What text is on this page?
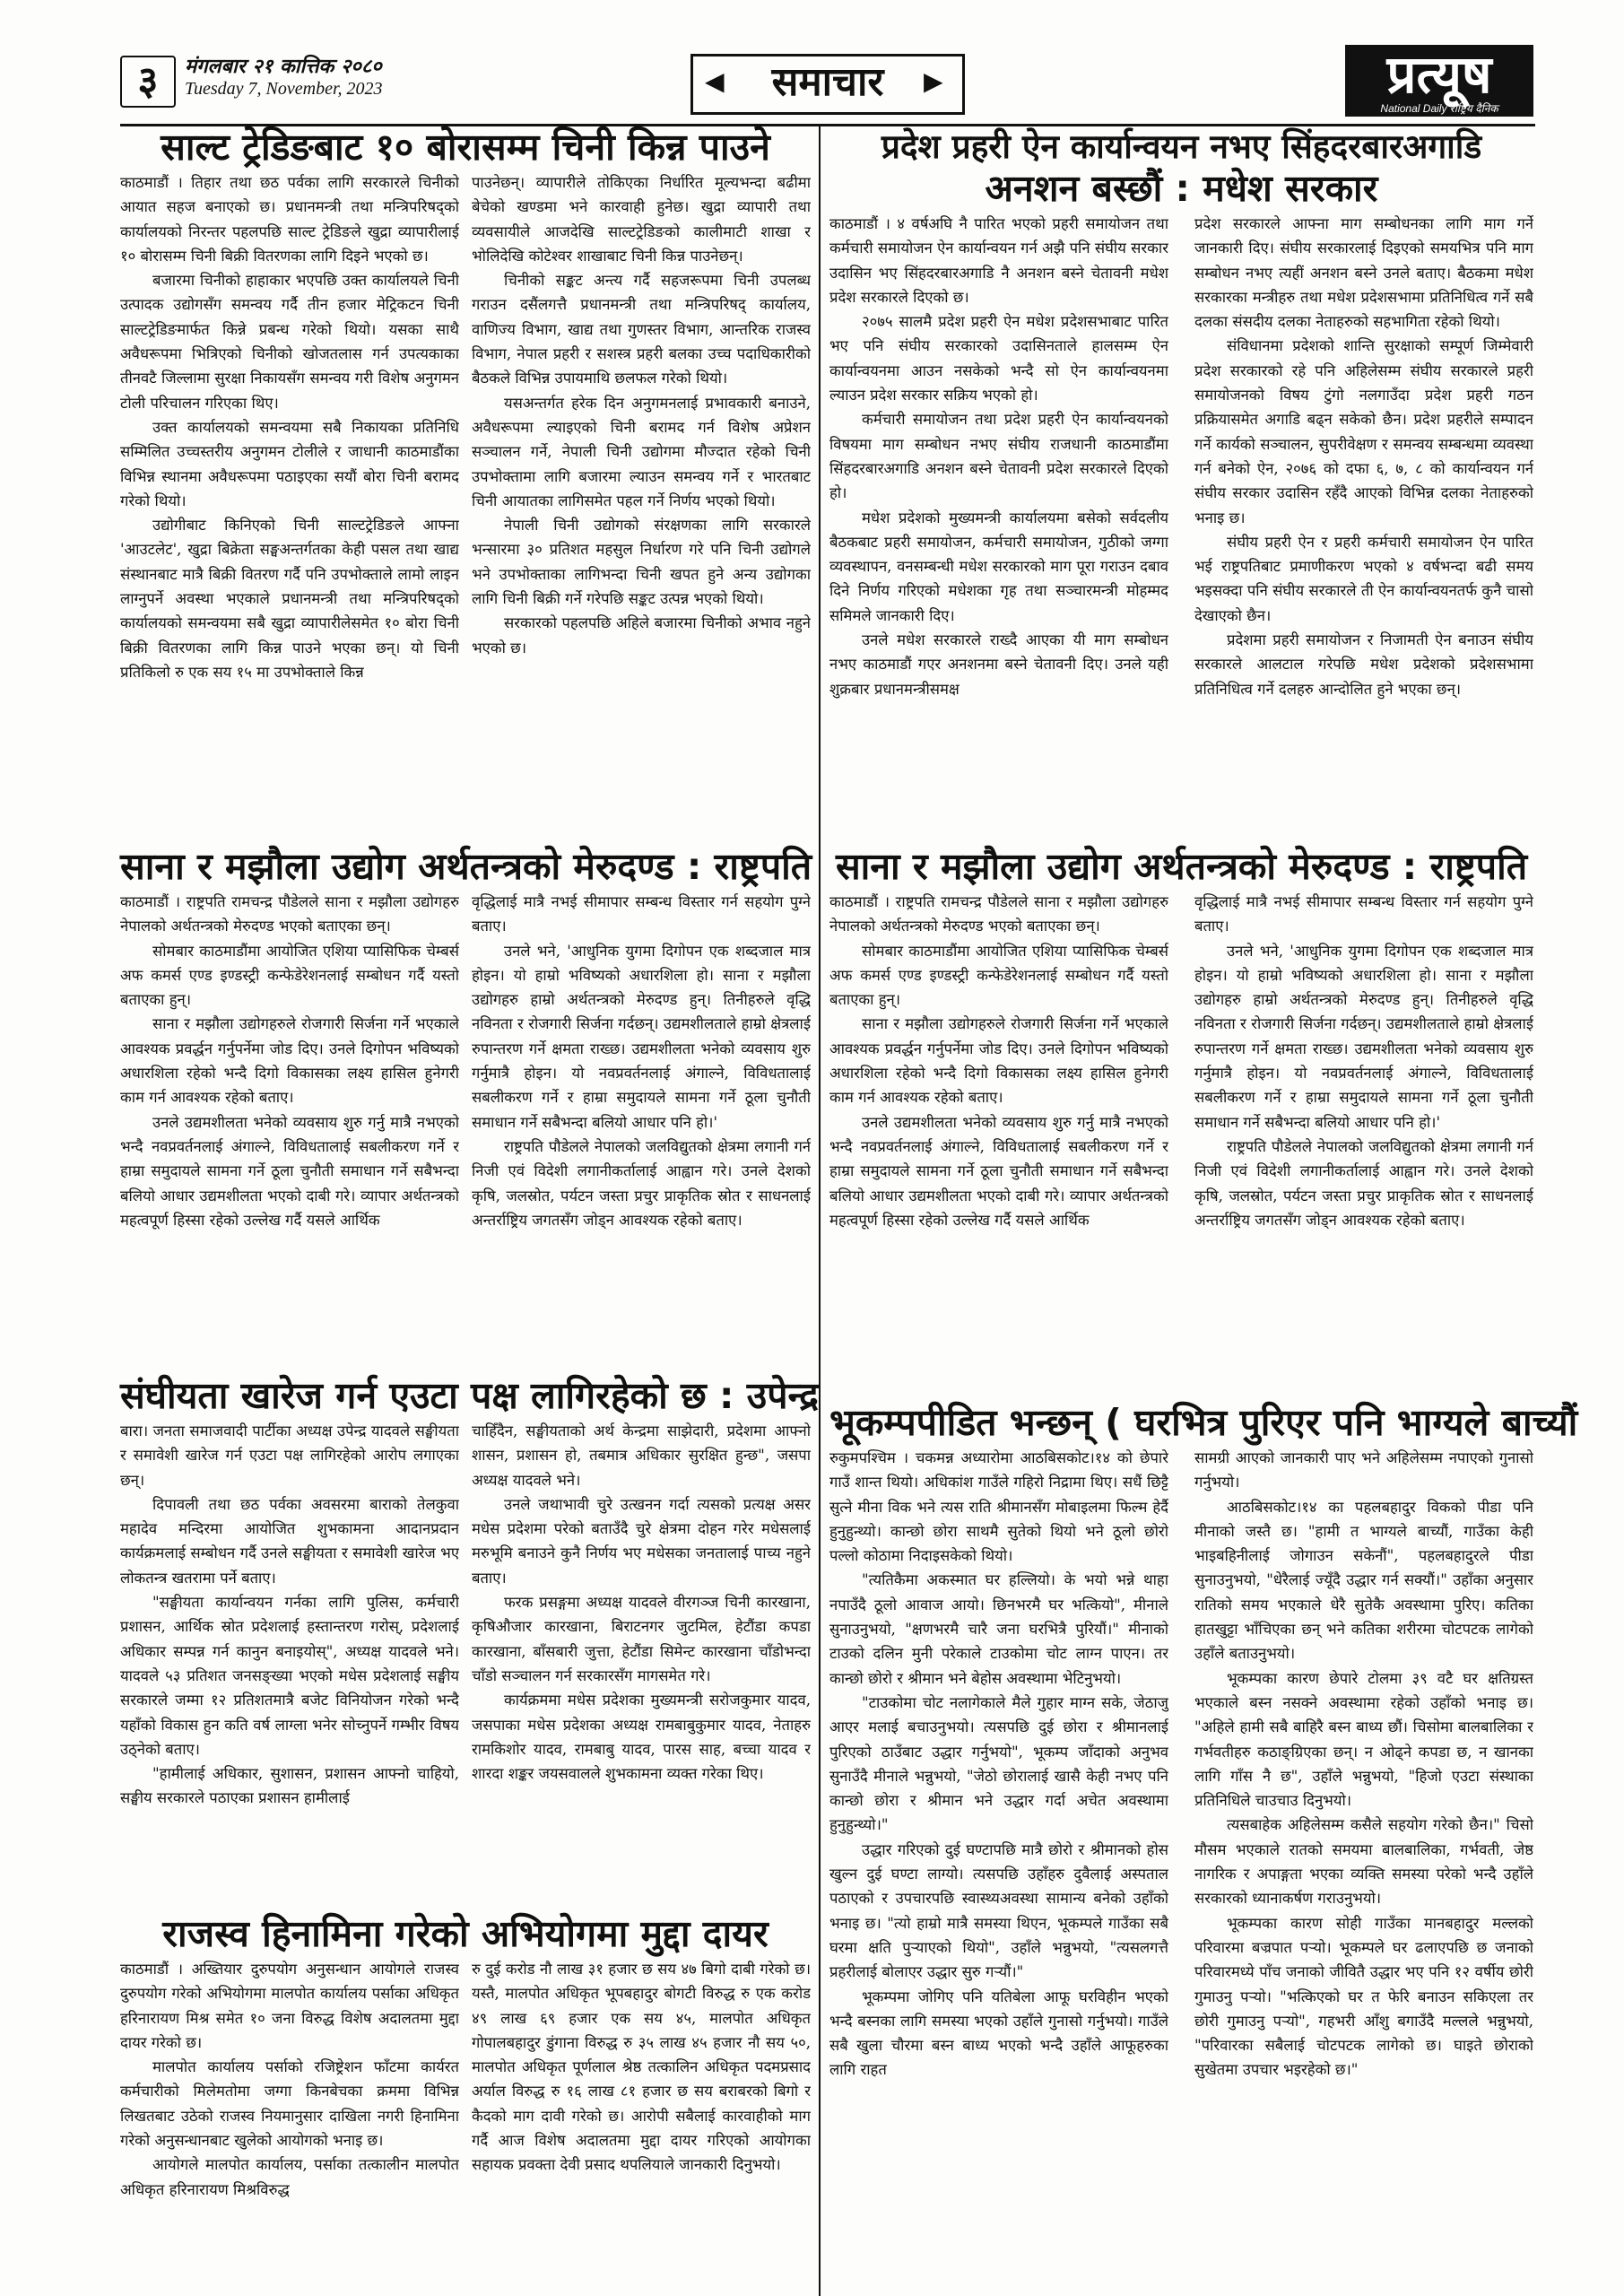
३	मंगलबार २१ कात्तिक २०८०
Tuesday 7, November, 2023	◀	समाचार	▶	प्रत्यूष
National Daily राष्ट्रिय दैनिक
साल्ट ट्रेडिङबाट १० बोरासम्म चिनी किन्न पाउने

काठमाडौं । तिहार तथा छठ पर्वका लागि सरकारले चिनीको आयात सहज बनाएको छ। प्रधानमन्त्री तथा मन्त्रिपरिषद्को कार्यालयको निरन्तर पहलपछि साल्ट ट्रेडिङले खुद्रा व्यापारीलाई १० बोरासम्म चिनी बिक्री वितरणका लागि दिइने भएको छ।

बजारमा चिनीको हाहाकार भएपछि उक्त कार्यालयले चिनी उत्पादक उद्योगसँग समन्वय गर्दै तीन हजार मेट्रिकटन चिनी साल्टट्रेडिङमार्फत किन्ने प्रबन्ध गरेको थियो। यसका साथै अवैधरूपमा भित्रिएको चिनीको खोजतलास गर्न उपत्यकाका तीनवटै जिल्लामा सुरक्षा निकायसँग समन्वय गरी विशेष अनुगमन टोली परिचालन गरिएका थिए।

उक्त कार्यालयको समन्वयमा सबै निकायका प्रतिनिधि सम्मिलित उच्चस्तरीय अनुगमन टोलीले र जाधानी काठमाडौंका विभिन्न स्थानमा अवैधरूपमा पठाइएका सयौं बोरा चिनी बरामद गरेको थियो।

उद्योगीबाट किनिएको चिनी साल्टट्रेडिङले आफ्ना 'आउटलेट', खुद्रा बिक्रेता सङ्घअन्तर्गतका केही पसल तथा खाद्य संस्थानबाट मात्रै बिक्री वितरण गर्दै पनि उपभोक्ताले लामो लाइन लाग्नुपर्ने अवस्था भएकाले प्रधानमन्त्री तथा मन्त्रिपरिषद्को कार्यालयको समन्वयमा सबै खुद्रा व्यापारीलेसमेत १० बोरा चिनी बिक्री वितरणका लागि किन्न पाउने भएका छन्। यो चिनी प्रतिकिलो रु एक सय १५ मा उपभोक्ताले किन्न

पाउनेछन्। व्यापारीले तोकिएका निर्धारित मूल्यभन्दा बढीमा बेचेको खण्डमा भने कारवाही हुनेछ। खुद्रा व्यापारी तथा व्यवसायीले आजदेखि साल्टट्रेडिङको कालीमाटी शाखा र भोलिदेखि कोटेश्वर शाखाबाट चिनी किन्न पाउनेछन्।

चिनीको सङ्कट अन्त्य गर्दै सहजरूपमा चिनी उपलब्ध गराउन दसैंलगत्तै प्रधानमन्त्री तथा मन्त्रिपरिषद् कार्यालय, वाणिज्य विभाग, खाद्य तथा गुणस्तर विभाग, आन्तरिक राजस्व विभाग, नेपाल प्रहरी र सशस्त्र प्रहरी बलका उच्च पदाधिकारीको बैठकले विभिन्न उपायमाथि छलफल गरेको थियो।

यसअन्तर्गत हरेक दिन अनुगमनलाई प्रभावकारी बनाउने, अवैधरूपमा ल्याइएको चिनी बरामद गर्न विशेष अप्रेशन सञ्चालन गर्ने, नेपाली चिनी उद्योगमा मौज्दात रहेको चिनी उपभोक्तामा लागि बजारमा ल्याउन समन्वय गर्ने र भारतबाट चिनी आयातका लागिसमेत पहल गर्ने निर्णय भएको थियो।

नेपाली चिनी उद्योगको संरक्षणका लागि सरकारले भन्सारमा ३० प्रतिशत महसुल निर्धारण गरे पनि चिनी उद्योगले भने उपभोक्ताका लागिभन्दा चिनी खपत हुने अन्य उद्योगका लागि चिनी बिक्री गर्ने गरेपछि सङ्कट उत्पन्न भएको थियो।

सरकारको पहलपछि अहिले बजारमा चिनीको अभाव नहुने भएको छ।

प्रदेश प्रहरी ऐन कार्यान्वयन नभए सिंहदरबारअगाडि
अनशन बस्छौं : मधेश सरकार

काठमाडौं । ४ वर्षअघि नै पारित भएको प्रहरी समायोजन तथा कर्मचारी समायोजन ऐन कार्यान्वयन गर्न अझै पनि संघीय सरकार उदासिन भए सिंहदरबारअगाडि नै अनशन बस्ने चेतावनी मधेश प्रदेश सरकारले दिएको छ।

२०७५ सालमै प्रदेश प्रहरी ऐन मधेश प्रदेशसभाबाट पारित भए पनि संघीय सरकारको उदासिनताले हालसम्म ऐन कार्यान्वयनमा आउन नसकेको भन्दै सो ऐन कार्यान्वयनमा ल्याउन प्रदेश सरकार सक्रिय भएको हो।

कर्मचारी समायोजन तथा प्रदेश प्रहरी ऐन कार्यान्वयनको विषयमा माग सम्बोधन नभए संघीय राजधानी काठमाडौंमा सिंहदरबारअगाडि अनशन बस्ने चेतावनी प्रदेश सरकारले दिएको हो।

मधेश प्रदेशको मुख्यमन्त्री कार्यालयमा बसेको सर्वदलीय बैठकबाट प्रहरी समायोजन, कर्मचारी समायोजन, गुठीको जग्गा व्यवस्थापन, वनसम्बन्धी मधेश सरकारको माग पूरा गराउन दबाव दिने निर्णय गरिएको मधेशका गृह तथा सञ्चारमन्त्री मोहम्मद समिमले जानकारी दिए।

उनले मधेश सरकारले राख्दै आएका यी माग सम्बोधन नभए काठमाडौं गएर अनशनमा बस्ने चेतावनी दिए। उनले यही शुक्रबार प्रधानमन्त्रीसमक्ष

प्रदेश सरकारले आफ्ना माग सम्बोधनका लागि माग गर्ने जानकारी दिए। संघीय सरकारलाई दिइएको समयभित्र पनि माग सम्बोधन नभए त्यहीं अनशन बस्ने उनले बताए। बैठकमा मधेश सरकारका मन्त्रीहरु तथा मधेश प्रदेशसभामा प्रतिनिधित्व गर्ने सबै दलका संसदीय दलका नेताहरुको सहभागिता रहेको थियो।

संविधानमा प्रदेशको शान्ति सुरक्षाको सम्पूर्ण जिम्मेवारी प्रदेश सरकारको रहे पनि अहिलेसम्म संघीय सरकारले प्रहरी समायोजनको विषय टुंगो नलगाउँदा प्रदेश प्रहरी गठन प्रक्रियासमेत अगाडि बढ्न सकेको छैन। प्रदेश प्रहरीले सम्पादन गर्ने कार्यको सञ्चालन, सुपरीवेक्षण र समन्वय सम्बन्धमा व्यवस्था गर्न बनेको ऐन, २०७६ को दफा ६, ७, ८ को कार्यान्वयन गर्न संघीय सरकार उदासिन रहँदै आएको विभिन्न दलका नेताहरुको भनाइ छ।

संघीय प्रहरी ऐन र प्रहरी कर्मचारी समायोजन ऐन पारित भई राष्ट्रपतिबाट प्रमाणीकरण भएको ४ वर्षभन्दा बढी समय भइसक्दा पनि संघीय सरकारले ती ऐन कार्यान्वयनतर्फ कुनै चासो देखाएको छैन।

प्रदेशमा प्रहरी समायोजन र निजामती ऐन बनाउन संघीय सरकारले आलटाल गरेपछि मधेश प्रदेशको प्रदेशसभामा प्रतिनिधित्व गर्ने दलहरु आन्दोलित हुने भएका छन्।

साना र मझौला उद्योग अर्थतन्त्रको मेरुदण्ड : राष्ट्रपति

काठमाडौं । राष्ट्रपति रामचन्द्र पौडेलले साना र मझौला उद्योगहरु नेपालको अर्थतन्त्रको मेरुदण्ड भएको बताएका छन्।

सोमबार काठमाडौंमा आयोजित एशिया प्यासिफिक चेम्बर्स अफ कमर्स एण्ड इण्डस्ट्री कन्फेडेरेशनलाई सम्बोधन गर्दै यस्तो बताएका हुन्।

साना र मझौला उद्योगहरुले रोजगारी सिर्जना गर्ने भएकाले आवश्यक प्रवर्द्धन गर्नुपर्नेमा जोड दिए। उनले दिगोपन भविष्यको अधारशिला रहेको भन्दै दिगो विकासका लक्ष्य हासिल हुनेगरी काम गर्न आवश्यक रहेको बताए।

उनले उद्यमशीलता भनेको व्यवसाय शुरु गर्नु मात्रै नभएको भन्दै नवप्रवर्तनलाई अंगाल्ने, विविधतालाई सबलीकरण गर्ने र हाम्रा समुदायले सामना गर्ने ठूला चुनौती समाधान गर्ने सबैभन्दा बलियो आधार उद्यमशीलता भएको दाबी गरे। व्यापार अर्थतन्त्रको महत्वपूर्ण हिस्सा रहेको उल्लेख गर्दै यसले आर्थिक

वृद्धिलाई मात्रै नभई सीमापार सम्बन्ध विस्तार गर्न सहयोग पुग्ने बताए।

उनले भने, 'आधुनिक युगमा दिगोपन एक शब्दजाल मात्र होइन। यो हाम्रो भविष्यको अधारशिला हो। साना र मझौला उद्योगहरु हाम्रो अर्थतन्त्रको मेरुदण्ड हुन्। तिनीहरुले वृद्धि नविनता र रोजगारी सिर्जना गर्दछन्। उद्यमशीलताले हाम्रो क्षेत्रलाई रुपान्तरण गर्ने क्षमता राख्छ। उद्यमशीलता भनेको व्यवसाय शुरु गर्नुमात्रै होइन। यो नवप्रवर्तनलाई अंगाल्ने, विविधतालाई सबलीकरण गर्ने र हाम्रा समुदायले सामना गर्ने ठूला चुनौती समाधान गर्ने सबैभन्दा बलियो आधार पनि हो।'

राष्ट्रपति पौडेलले नेपालको जलविद्युतको क्षेत्रमा लगानी गर्न निजी एवं विदेशी लगानीकर्तालाई आह्वान गरे। उनले देशको कृषि, जलस्रोत, पर्यटन जस्ता प्रचुर प्राकृतिक स्रोत र साधनलाई अन्तर्राष्ट्रिय जगतसँग जोड्न आवश्यक रहेको बताए।

साना र मझौला उद्योग अर्थतन्त्रको मेरुदण्ड : राष्ट्रपति

काठमाडौं । राष्ट्रपति रामचन्द्र पौडेलले साना र मझौला उद्योगहरु नेपालको अर्थतन्त्रको मेरुदण्ड भएको बताएका छन्।

सोमबार काठमाडौंमा आयोजित एशिया प्यासिफिक चेम्बर्स अफ कमर्स एण्ड इण्डस्ट्री कन्फेडेरेशनलाई सम्बोधन गर्दै यस्तो बताएका हुन्।

साना र मझौला उद्योगहरुले रोजगारी सिर्जना गर्ने भएकाले आवश्यक प्रवर्द्धन गर्नुपर्नेमा जोड दिए। उनले दिगोपन भविष्यको अधारशिला रहेको भन्दै दिगो विकासका लक्ष्य हासिल हुनेगरी काम गर्न आवश्यक रहेको बताए।

उनले उद्यमशीलता भनेको व्यवसाय शुरु गर्नु मात्रै नभएको भन्दै नवप्रवर्तनलाई अंगाल्ने, विविधतालाई सबलीकरण गर्ने र हाम्रा समुदायले सामना गर्ने ठूला चुनौती समाधान गर्ने सबैभन्दा बलियो आधार उद्यमशीलता भएको दाबी गरे। व्यापार अर्थतन्त्रको महत्वपूर्ण हिस्सा रहेको उल्लेख गर्दै यसले आर्थिक

वृद्धिलाई मात्रै नभई सीमापार सम्बन्ध विस्तार गर्न सहयोग पुग्ने बताए।

उनले भने, 'आधुनिक युगमा दिगोपन एक शब्दजाल मात्र होइन। यो हाम्रो भविष्यको अधारशिला हो। साना र मझौला उद्योगहरु हाम्रो अर्थतन्त्रको मेरुदण्ड हुन्। तिनीहरुले वृद्धि नविनता र रोजगारी सिर्जना गर्दछन्। उद्यमशीलताले हाम्रो क्षेत्रलाई रुपान्तरण गर्ने क्षमता राख्छ। उद्यमशीलता भनेको व्यवसाय शुरु गर्नुमात्रै होइन। यो नवप्रवर्तनलाई अंगाल्ने, विविधतालाई सबलीकरण गर्ने र हाम्रा समुदायले सामना गर्ने ठूला चुनौती समाधान गर्ने सबैभन्दा बलियो आधार पनि हो।'

राष्ट्रपति पौडेलले नेपालको जलविद्युतको क्षेत्रमा लगानी गर्न निजी एवं विदेशी लगानीकर्तालाई आह्वान गरे। उनले देशको कृषि, जलस्रोत, पर्यटन जस्ता प्रचुर प्राकृतिक स्रोत र साधनलाई अन्तर्राष्ट्रिय जगतसँग जोड्न आवश्यक रहेको बताए।

संघीयता खारेज गर्न एउटा पक्ष लागिरहेको छ : उपेन्द्र

बारा। जनता समाजवादी पार्टीका अध्यक्ष उपेन्द्र यादवले सङ्घीयता र समावेशी खारेज गर्न एउटा पक्ष लागिरहेको आरोप लगाएका छन्।

दिपावली तथा छठ पर्वका अवसरमा बाराको तेलकुवा महादेव मन्दिरमा आयोजित शुभकामना आदानप्रदान कार्यक्रमलाई सम्बोधन गर्दै उनले सङ्घीयता र समावेशी खारेज भए लोकतन्त्र खतरामा पर्ने बताए।

"सङ्घीयता कार्यान्वयन गर्नका लागि पुलिस, कर्मचारी प्रशासन, आर्थिक स्रोत प्रदेशलाई हस्तान्तरण गरोस्, प्रदेशलाई अधिकार सम्पन्न गर्न कानुन बनाइयोस्", अध्यक्ष यादवले भने। यादवले ५३ प्रतिशत जनसङ्ख्या भएको मधेस प्रदेशलाई सङ्घीय सरकारले जम्मा १२ प्रतिशतमात्रै बजेट विनियोजन गरेको भन्दै यहाँको विकास हुन कति वर्ष लाग्ला भनेर सोच्नुपर्ने गम्भीर विषय उठ्नेको बताए।

"हामीलाई अधिकार, सुशासन, प्रशासन आफ्नो चाहियो, सङ्घीय सरकारले पठाएका प्रशासन हामीलाई

चाहिँदैन, सङ्घीयताको अर्थ केन्द्रमा साझेदारी, प्रदेशमा आफ्नो शासन, प्रशासन हो, तबमात्र अधिकार सुरक्षित हुन्छ", जसपा अध्यक्ष यादवले भने।

उनले जथाभावी चुरे उत्खनन गर्दा त्यसको प्रत्यक्ष असर मधेस प्रदेशमा परेको बताउँदै चुरे क्षेत्रमा दोहन गरेर मधेसलाई मरुभूमि बनाउने कुनै निर्णय भए मधेसका जनतालाई पाच्य नहुने बताए।

फरक प्रसङ्गमा अध्यक्ष यादवले वीरगञ्ज चिनी कारखाना, कृषिऔजार कारखाना, बिराटनगर जुटमिल, हेटौंडा कपडा कारखाना, बाँसबारी जुत्ता, हेटौंडा सिमेन्ट कारखाना चाँडोभन्दा चाँडो सञ्चालन गर्न सरकारसँग मागसमेत गरे।

कार्यक्रममा मधेस प्रदेशका मुख्यमन्त्री सरोजकुमार यादव, जसपाका मधेस प्रदेशका अध्यक्ष रामबाबुकुमार यादव, नेताहरु रामकिशोर यादव, रामबाबु यादव, पारस साह, बच्चा यादव र शारदा शङ्कर जयसवालले शुभकामना व्यक्त गरेका थिए।

भूकम्पपीडित भन्छन् ( घरभित्र पुरिएर पनि भाग्यले बाच्यौं

रुकुमपश्चिम । चकमन्न अध्यारोमा आठबिसकोट।१४ को छेपारे गाउँ शान्त थियो। अधिकांश गाउँले गहिरो निद्रामा थिए। सधैं छिट्टै सुत्ने मीना विक भने त्यस राति श्रीमानसँग मोबाइलमा फिल्म हेर्दै हुनुहुन्थ्यो। कान्छो छोरा साथमै सुतेको थियो भने ठूलो छोरो पल्लो कोठामा निदाइसकेको थियो।

"त्यतिकैमा अकस्मात घर हल्लियो। के भयो भन्ने थाहा नपाउँदै ठूलो आवाज आयो। छिनभरमै घर भत्कियो", मीनाले सुनाउनुभयो, "क्षणभरमै चारै जना घरभित्रै पुरियौं।" मीनाको टाउको दलिन मुनी परेकाले टाउकोमा चोट लाग्न पाएन। तर कान्छो छोरो र श्रीमान भने बेहोस अवस्थामा भेटिनुभयो।

"टाउकोमा चोट नलागेकाले मैले गुहार माग्न सके, जेठाजु आएर मलाई बचाउनुभयो। त्यसपछि दुई छोरा र श्रीमानलाई पुरिएको ठाउँबाट उद्धार गर्नुभयो", भूकम्प जाँदाको अनुभव सुनाउँदै मीनाले भन्नुभयो, "जेठो छोरालाई खासै केही नभए पनि कान्छो छोरा र श्रीमान भने उद्धार गर्दा अचेत अवस्थामा हुनुहुन्थ्यो।"

उद्धार गरिएको दुई घण्टापछि मात्रै छोरो र श्रीमानको होस खुल्न दुई घण्टा लाग्यो। त्यसपछि उहाँहरु दुवैलाई अस्पताल पठाएको र उपचारपछि स्वास्थ्यअवस्था सामान्य बनेको उहाँको भनाइ छ। "त्यो हाम्रो मात्रै समस्या थिएन, भूकम्पले गाउँका सबै घरमा क्षति पुऱ्याएको थियो", उहाँले भन्नुभयो, "त्यसलगत्तै प्रहरीलाई बोलाएर उद्धार सुरु गऱ्यौं।"

भूकम्पमा जोगिए पनि यतिबेला आफू घरविहीन भएको भन्दै बस्नका लागि समस्या भएको उहाँले गुनासो गर्नुभयो। गाउँले सबै खुला चौरमा बस्न बाध्य भएको भन्दै उहाँले आफूहरुका लागि राहत

सामग्री आएको जानकारी पाए भने अहिलेसम्म नपाएको गुनासो गर्नुभयो।

आठबिसकोट।१४ का पहलबहादुर विकको पीडा पनि मीनाको जस्तै छ। "हामी त भाग्यले बाच्यौं, गाउँका केही भाइबहिनीलाई जोगाउन सकेनौं", पहलबहादुरले पीडा सुनाउनुभयो, "धेरैलाई ज्यूँदै उद्धार गर्न सक्यौं।" उहाँका अनुसार रातिको समय भएकाले धेरै सुतेकै अवस्थामा पुरिए। कतिका हातखुट्टा भाँचिएका छन् भने कतिका शरीरमा चोटपटक लागेको उहाँले बताउनुभयो।

भूकम्पका कारण छेपारे टोलमा ३९ वटै घर क्षतिग्रस्त भएकाले बस्न नसक्ने अवस्थामा रहेको उहाँको भनाइ छ। "अहिले हामी सबै बाहिरै बस्न बाध्य छौं। चिसोमा बालबालिका र गर्भवतीहरु कठाङ्ग्रिएका छन्। न ओढ्ने कपडा छ, न खानका लागि गाँस नै छ", उहाँले भन्नुभयो, "हिजो एउटा संस्थाका प्रतिनिधिले चाउचाउ दिनुभयो।

त्यसबाहेक अहिलेसम्म कसैले सहयोग गरेको छैन।" चिसो मौसम भएकाले रातको समयमा बालबालिका, गर्भवती, जेष्ठ नागरिक र अपाङ्गता भएका व्यक्ति समस्या परेको भन्दै उहाँले सरकारको ध्यानाकर्षण गराउनुभयो।

भूकम्पका कारण सोही गाउँका मानबहादुर मल्लको परिवारमा बज्रपात पऱ्यो। भूकम्पले घर ढलाएपछि छ जनाको परिवारमध्ये पाँच जनाको जीवितै उद्धार भए पनि १२ वर्षीय छोरी गुमाउनु पऱ्यो। "भत्किएको घर त फेरि बनाउन सकिएला तर छोरी गुमाउनु पऱ्यो", गहभरी आँशु बगाउँदै मल्लले भन्नुभयो, "परिवारका सबैलाई चोटपटक लागेको छ। घाइते छोराको सुखेतमा उपचार भइरहेको छ।"

राजस्व हिनामिना गरेको अभियोगमा मुद्दा दायर

काठमाडौं । अख्तियार दुरुपयोग अनुसन्धान आयोगले राजस्व दुरुपयोग गरेको अभियोगमा मालपोत कार्यालय पर्साका अधिकृत हरिनारायण मिश्र समेत १० जना विरुद्ध विशेष अदालतमा मुद्दा दायर गरेको छ।

मालपोत कार्यालय पर्साको रजिष्ट्रेशन फाँटमा कार्यरत कर्मचारीको मिलेमतोमा जग्गा किनबेचका क्रममा विभिन्न लिखतबाट उठेको राजस्व नियमानुसार दाखिला नगरी हिनामिना गरेको अनुसन्धानबाट खुलेको आयोगको भनाइ छ।

आयोगले मालपोत कार्यालय, पर्साका तत्कालीन मालपोत अधिकृत हरिनारायण मिश्रविरुद्ध

रु दुई करोड नौ लाख ३१ हजार छ सय ४७ बिगो दाबी गरेको छ। यस्तै, मालपोत अधिकृत भूपबहादुर बोगटी विरुद्ध रु एक करोड ४९ लाख ६९ हजार एक सय ४५, मालपोत अधिकृत गोपालबहादुर डुंगाना विरुद्ध रु ३५ लाख ४५ हजार नौ सय ५०, मालपोत अधिकृत पूर्णलाल श्रेष्ठ तत्कालिन अधिकृत पदमप्रसाद अर्याल विरुद्ध रु १६ लाख ८१ हजार छ सय बराबरको बिगो र कैदको माग दावी गरेको छ। आरोपी सबैलाई कारवाहीको माग गर्दै आज विशेष अदालतमा मुद्दा दायर गरिएको आयोगका सहायक प्रवक्ता देवी प्रसाद थपलियाले जानकारी दिनुभयो।
